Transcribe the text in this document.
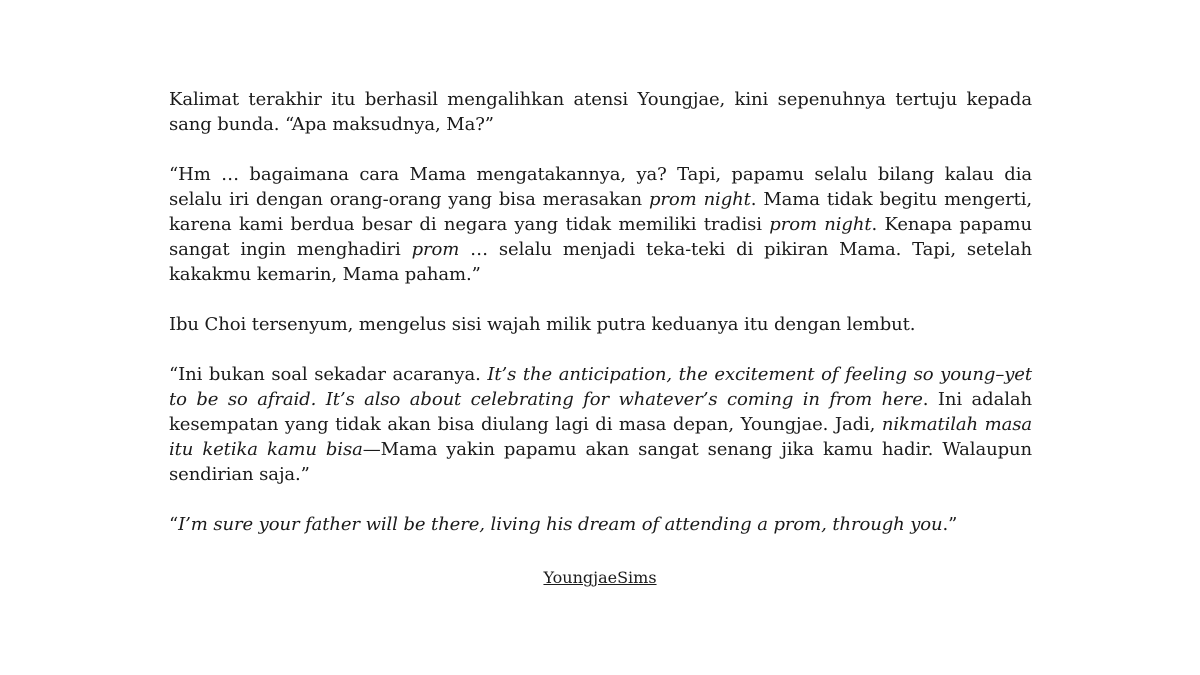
Kalimat terakhir itu berhasil mengalihkan atensi Youngjae, kini sepenuhnya tertuju kepada sang bunda. “Apa maksudnya, Ma?”

“Hm … bagaimana cara Mama mengatakannya, ya? Tapi, papamu selalu bilang kalau dia selalu iri dengan orang-orang yang bisa merasakan prom night. Mama tidak begitu mengerti, karena kami berdua besar di negara yang tidak memiliki tradisi prom night. Kenapa papamu sangat ingin menghadiri prom … selalu menjadi teka-teki di pikiran Mama. Tapi, setelah kakakmu kemarin, Mama paham.”

Ibu Choi tersenyum, mengelus sisi wajah milik putra keduanya itu dengan lembut.

“Ini bukan soal sekadar acaranya. It’s the anticipation, the excitement of feeling so young–yet to be so afraid. It’s also about celebrating for whatever’s coming in from here. Ini adalah kesempatan yang tidak akan bisa diulang lagi di masa depan, Youngjae. Jadi, nikmatilah masa itu ketika kamu bisa—Mama yakin papamu akan sangat senang jika kamu hadir. Walaupun sendirian saja.”

“I’m sure your father will be there, living his dream of attending a prom, through you.”

YoungjaeSims
